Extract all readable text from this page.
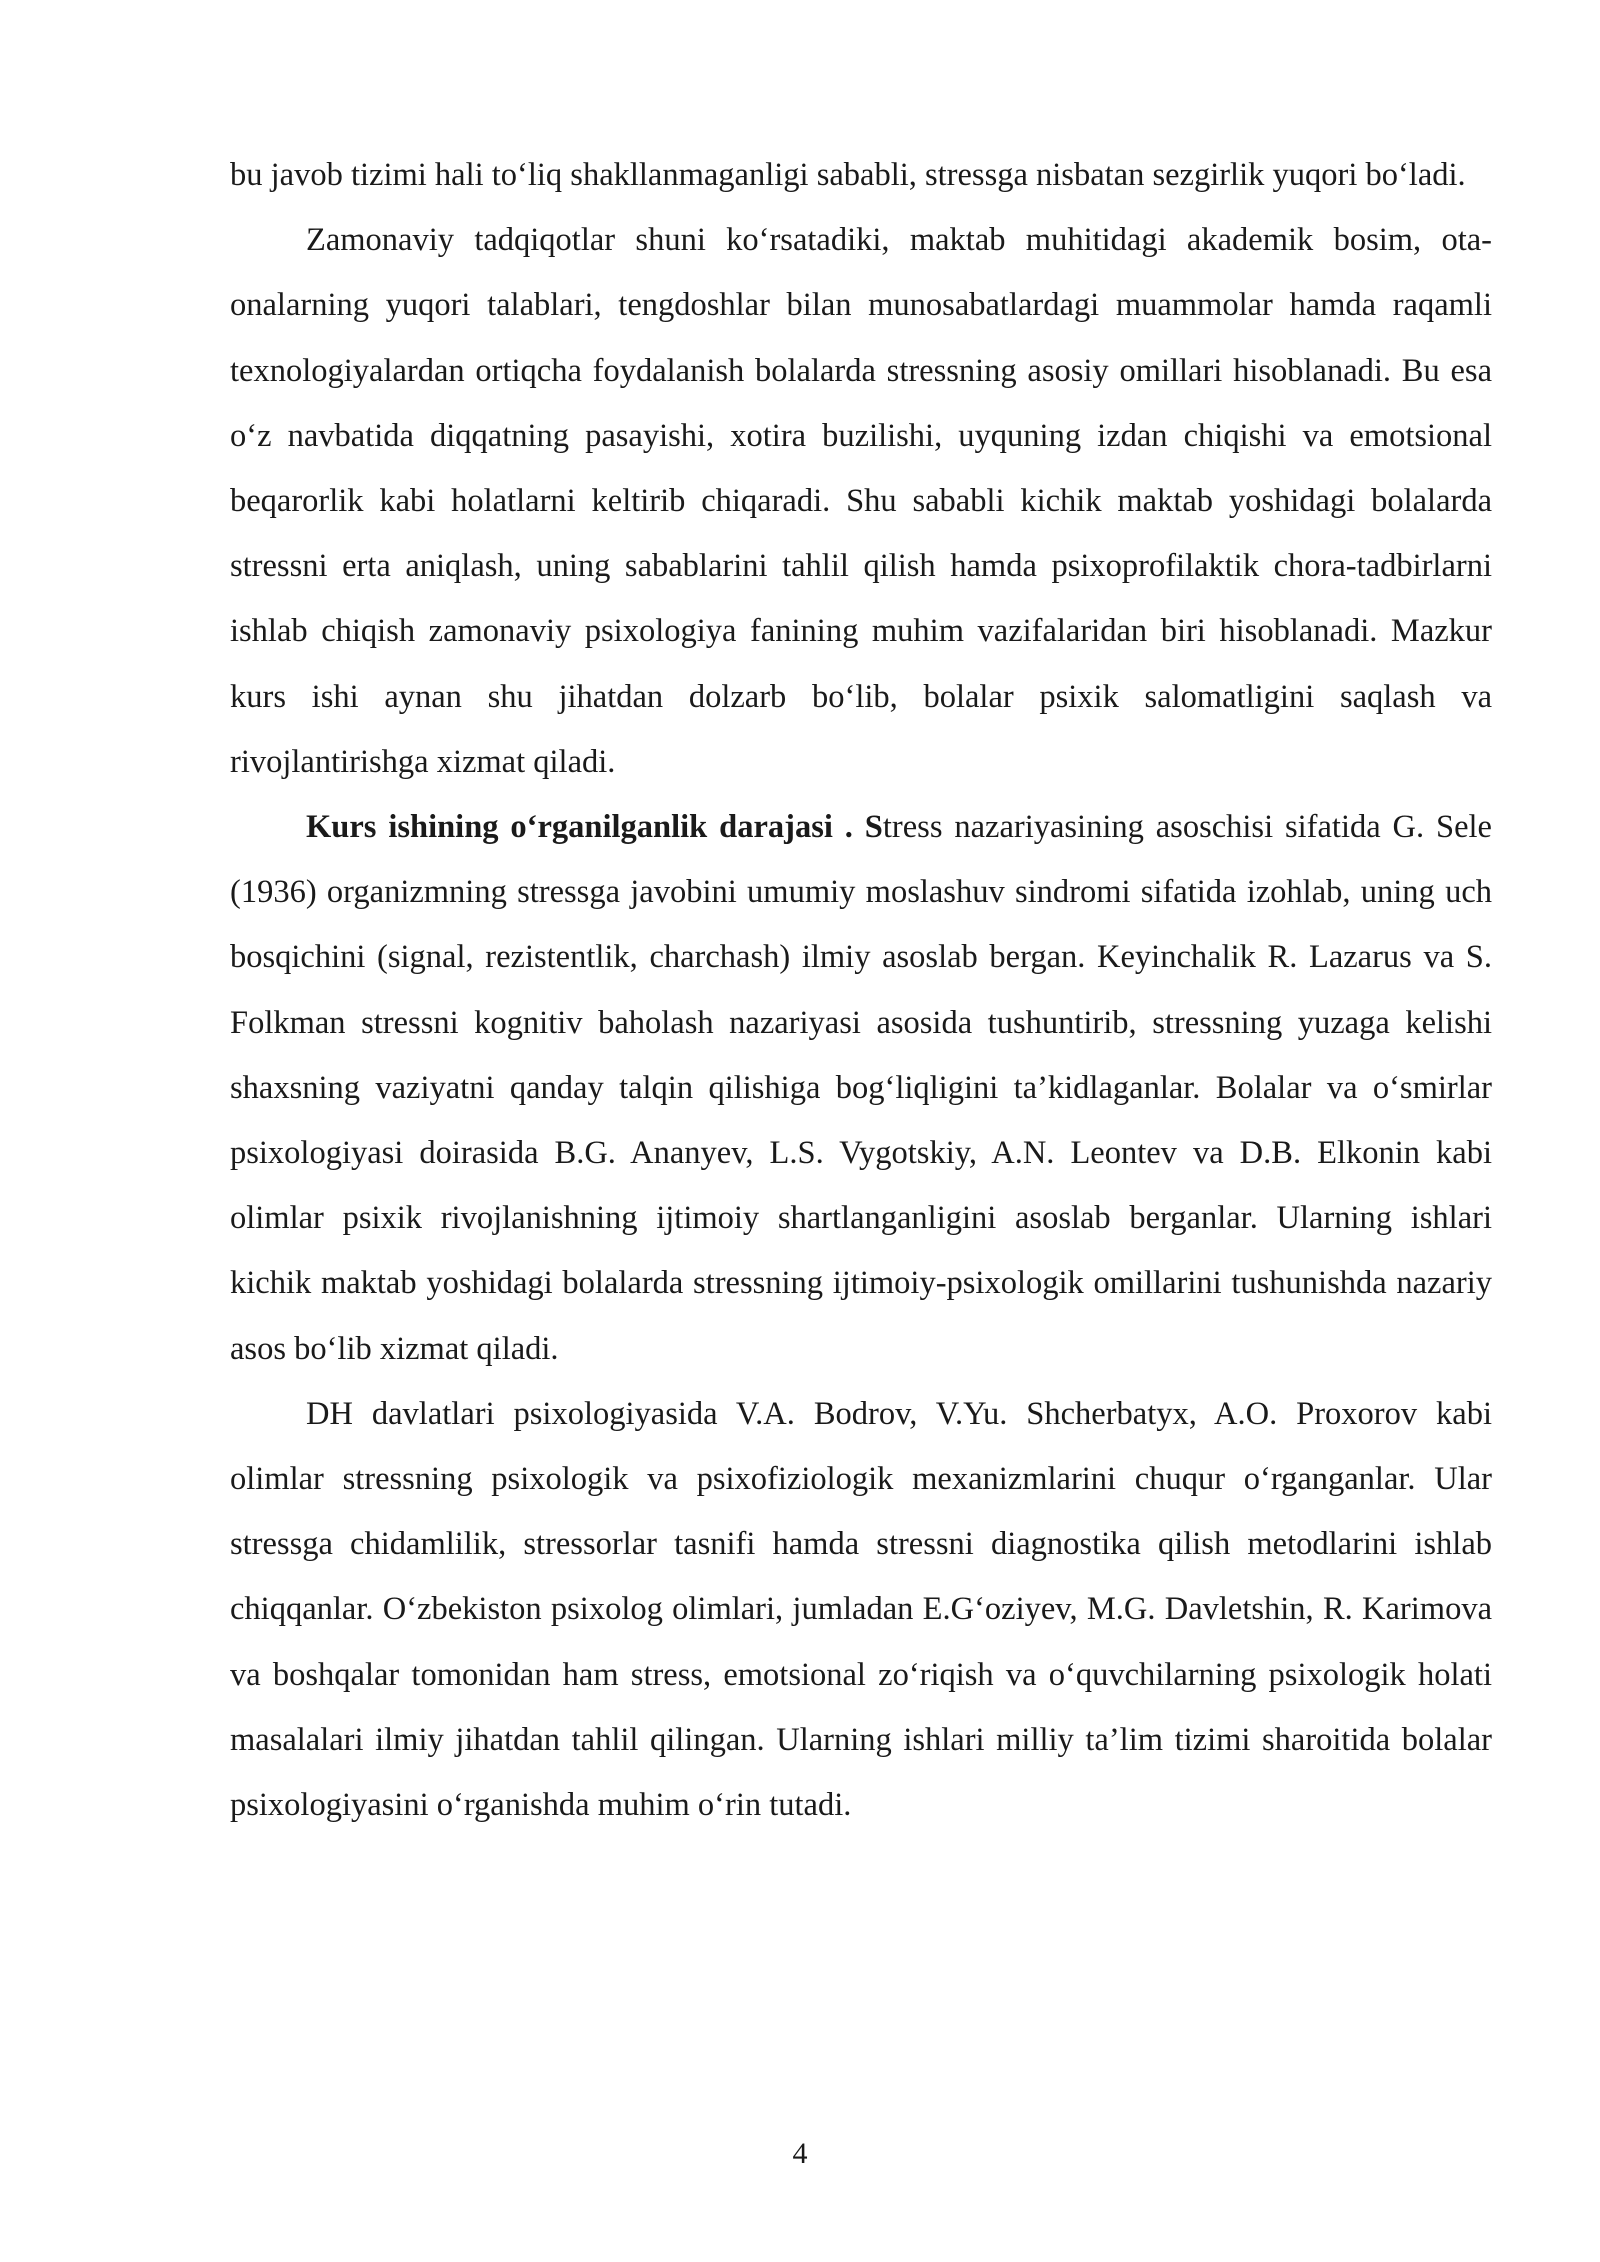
bu javob tizimi hali to‘liq shakllanmaganligi sababli, stressga nisbatan sezgirlik yuqori bo‘ladi.

Zamonaviy tadqiqotlar shuni ko‘rsatadiki, maktab muhitidagi akademik bosim, ota-onalarning yuqori talablari, tengdoshlar bilan munosabatlardagi muammolar hamda raqamli texnologiyalardan ortiqcha foydalanish bolalarda stressning asosiy omillari hisoblanadi. Bu esa o‘z navbatida diqqatning pasayishi, xotira buzilishi, uyquning izdan chiqishi va emotsional beqarorlik kabi holatlarni keltirib chiqaradi. Shu sababli kichik maktab yoshidagi bolalarda stressni erta aniqlash, uning sabablarini tahlil qilish hamda psixoprofilaktik chora-tadbirlarni ishlab chiqish zamonaviy psixologiya fanining muhim vazifalaridan biri hisoblanadi. Mazkur kurs ishi aynan shu jihatdan dolzarb bo‘lib, bolalar psixik salomatligini saqlash va rivojlantirishga xizmat qiladi.

Kurs ishining o‘rganilganlik darajasi . Stress nazariyasining asoschisi sifatida G. Sele (1936) organizmning stressga javobini umumiy moslashuv sindromi sifatida izohlab, uning uch bosqichini (signal, rezistentlik, charchash) ilmiy asoslab bergan. Keyinchalik R. Lazarus va S. Folkman stressni kognitiv baholash nazariyasi asosida tushuntirib, stressning yuzaga kelishi shaxsning vaziyatni qanday talqin qilishiga bog‘liqligini ta’kidlaganlar. Bolalar va o‘smirlar psixologiyasi doirasida B.G. Ananyev, L.S. Vygotskiy, A.N. Leontev va D.B. Elkonin kabi olimlar psixik rivojlanishning ijtimoiy shartlanganligini asoslab berganlar. Ularning ishlari kichik maktab yoshidagi bolalarda stressning ijtimoiy-psixologik omillarini tushunishda nazariy asos bo‘lib xizmat qiladi.

DH davlatlari psixologiyasida V.A. Bodrov, V.Yu. Shcherbatyx, A.O. Proxorov kabi olimlar stressning psixologik va psixofiziologik mexanizmlarini chuqur o‘rganganlar. Ular stressga chidamlilik, stressorlar tasnifi hamda stressni diagnostika qilish metodlarini ishlab chiqqanlar. O‘zbekiston psixolog olimlari, jumladan E.G‘oziyev, M.G. Davletshin, R. Karimova va boshqalar tomonidan ham stress, emotsional zo‘riqish va o‘quvchilarning psixologik holati masalalari ilmiy jihatdan tahlil qilingan. Ularning ishlari milliy ta’lim tizimi sharoitida bolalar psixologiyasini o‘rganishda muhim o‘rin tutadi.

4
